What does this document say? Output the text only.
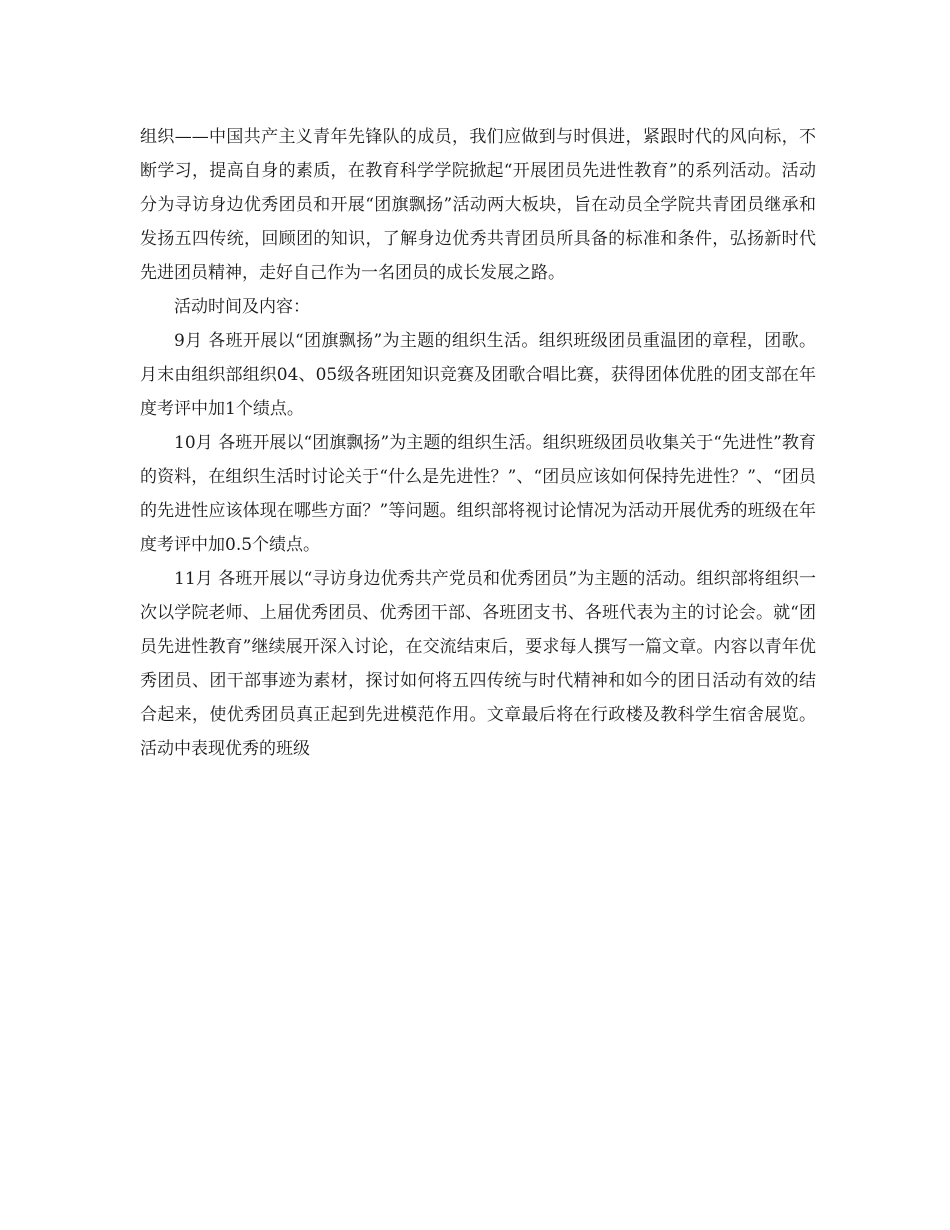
组织——中国共产主义青年先锋队的成员，我们应做到与时俱进，紧跟时代的风向标，不断学习，提高自身的素质，在教育科学学院掀起“开展团员先进性教育”的系列活动。活动分为寻访身边优秀团员和开展“团旗飘扬”活动两大板块，旨在动员全学院共青团员继承和发扬五四传统，回顾团的知识，了解身边优秀共青团员所具备的标准和条件，弘扬新时代先进团员精神，走好自己作为一名团员的成长发展之路。

活动时间及内容：

9月 各班开展以“团旗飘扬”为主题的组织生活。组织班级团员重温团的章程，团歌。月末由组织部组织04、05级各班团知识竞赛及团歌合唱比赛，获得团体优胜的团支部在年度考评中加1个绩点。

10月 各班开展以“团旗飘扬”为主题的组织生活。组织班级团员收集关于“先进性”教育的资料，在组织生活时讨论关于“什么是先进性？”、“团员应该如何保持先进性？”、“团员的先进性应该体现在哪些方面？”等问题。组织部将视讨论情况为活动开展优秀的班级在年度考评中加0.5个绩点。

11月 各班开展以“寻访身边优秀共产党员和优秀团员”为主题的活动。组织部将组织一次以学院老师、上届优秀团员、优秀团干部、各班团支书、各班代表为主的讨论会。就“团员先进性教育”继续展开深入讨论，在交流结束后，要求每人撰写一篇文章。内容以青年优秀团员、团干部事迹为素材，探讨如何将五四传统与时代精神和如今的团日活动有效的结合起来，使优秀团员真正起到先进模范作用。文章最后将在行政楼及教科学生宿舍展览。活动中表现优秀的班级
